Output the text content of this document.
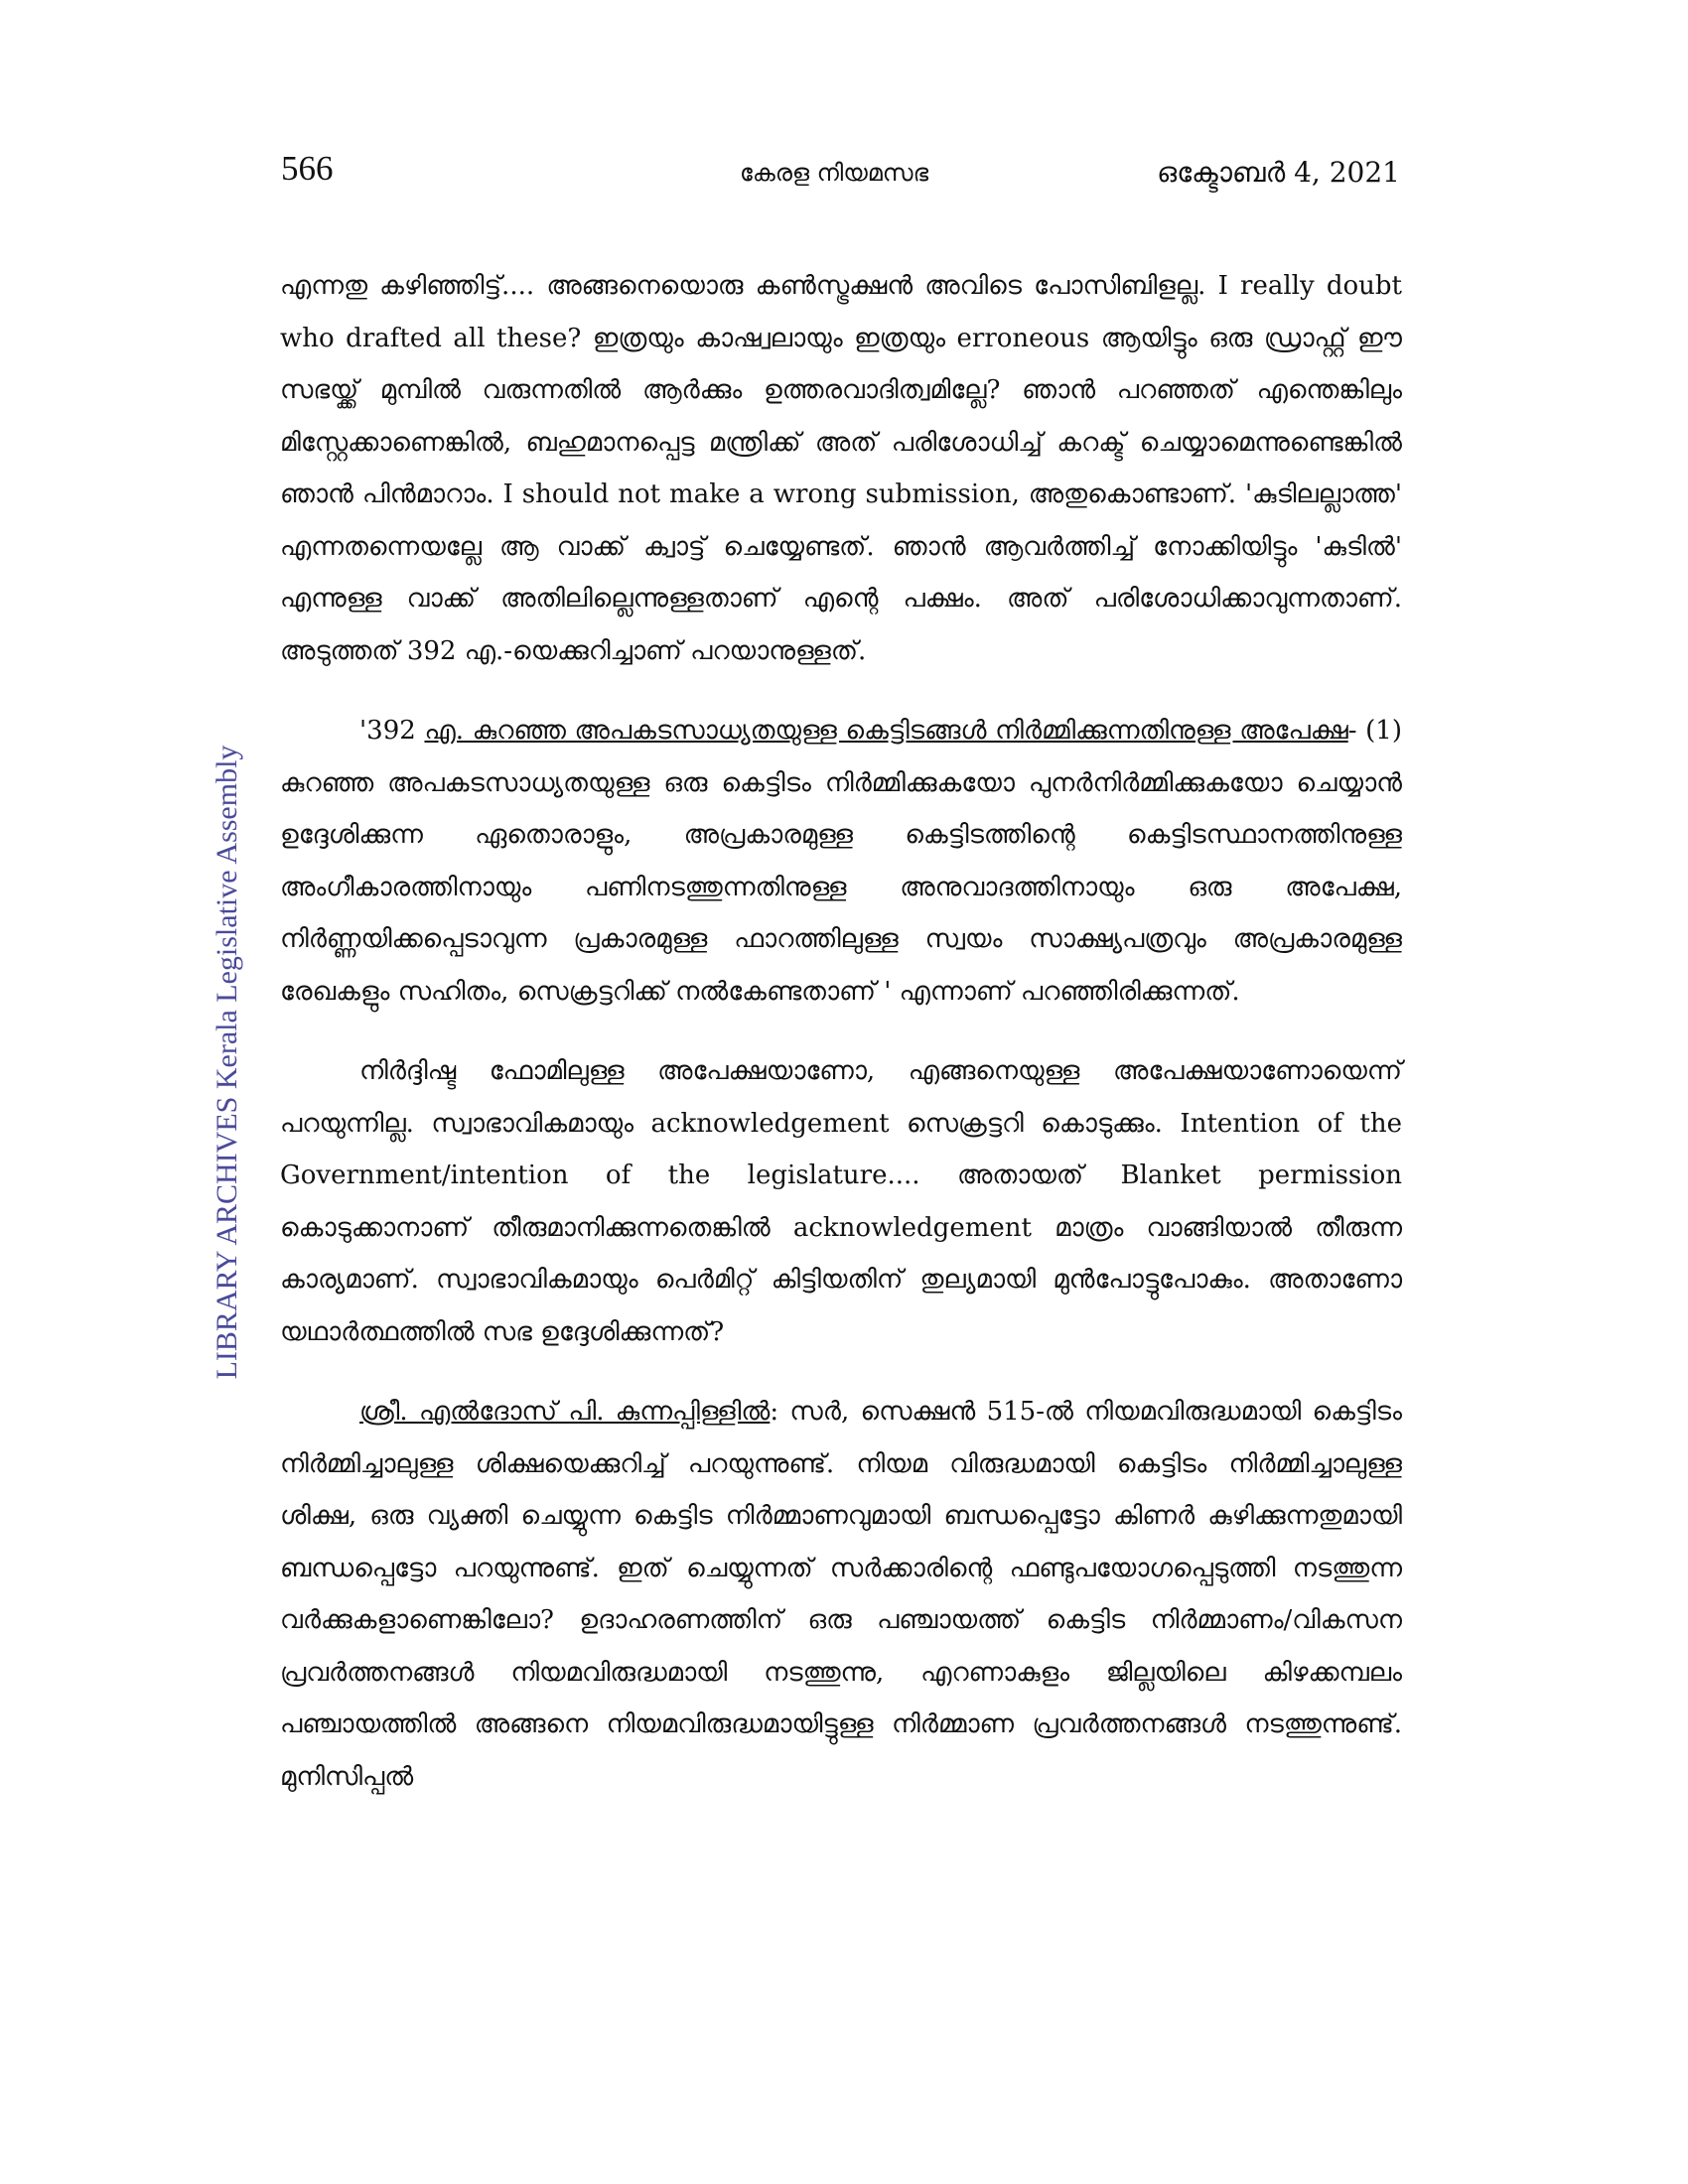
566	കേരള നിയമസഭ	ഒക്ടോബർ 4, 2021
LIBRARY ARCHIVES Kerala Legislative Assembly

എന്നതു കഴിഞ്ഞിട്ട്.... അങ്ങനെയൊരു കൺസ്ട്രക്ഷൻ അവിടെ പോസിബിളല്ല. I really doubt who drafted all these? ഇത്രയും കാഷ്വലായും ഇത്രയും erroneous ആയിട്ടും ഒരു ഡ്രാഫ്റ്റ് ഈ സഭയ്ക്ക് മുമ്പിൽ വരുന്നതിൽ ആർക്കും ഉത്തരവാദിത്വമില്ലേ? ഞാൻ പറഞ്ഞത് എന്തെങ്കിലും മിസ്റ്റേക്കാണെങ്കിൽ, ബഹുമാനപ്പെട്ട മന്ത്രിക്ക് അത് പരിശോധിച്ച് കറക്ട് ചെയ്യാമെന്നുണ്ടെങ്കിൽ ഞാൻ പിൻമാറാം. I should not make a wrong submission, അതുകൊണ്ടാണ്. 'കുടിലല്ലാത്ത' എന്നതന്നെയല്ലേ ആ വാക്ക് ക്വാട്ട് ചെയ്യേണ്ടത്. ഞാൻ ആവർത്തിച്ച് നോക്കിയിട്ടും 'കുടിൽ' എന്നുള്ള വാക്ക് അതിലില്ലെന്നുള്ളതാണ് എന്റെ പക്ഷം. അത് പരിശോധിക്കാവുന്നതാണ്. അടുത്തത് 392 എ.-യെക്കുറിച്ചാണ് പറയാനുള്ളത്.

'392 എ. കുറഞ്ഞ അപകടസാധ്യതയുള്ള കെട്ടിടങ്ങൾ നിർമ്മിക്കുന്നതിനുള്ള അപേക്ഷ- (1) കുറഞ്ഞ അപകടസാധ്യതയുള്ള ഒരു കെട്ടിടം നിർമ്മിക്കുകയോ പുനർനിർമ്മിക്കുകയോ ചെയ്യാൻ ഉദ്ദേശിക്കുന്ന ഏതൊരാളും, അപ്രകാരമുള്ള കെട്ടിടത്തിന്റെ കെട്ടിടസ്ഥാനത്തിനുള്ള അംഗീകാരത്തിനായും പണിനടത്തുന്നതിനുള്ള അനുവാദത്തിനായും ഒരു അപേക്ഷ, നിർണ്ണയിക്കപ്പെടാവുന്ന പ്രകാരമുള്ള ഫാറത്തിലുള്ള സ്വയം സാക്ഷ്യപത്രവും അപ്രകാരമുള്ള രേഖകളും സഹിതം, സെക്രട്ടറിക്ക് നൽകേണ്ടതാണ് ' എന്നാണ് പറഞ്ഞിരിക്കുന്നത്.

നിർദ്ദിഷ്ട ഫോമിലുള്ള അപേക്ഷയാണോ, എങ്ങനെയുള്ള അപേക്ഷയാണോയെന്ന് പറയുന്നില്ല. സ്വാഭാവികമായും acknowledgement സെക്രട്ടറി കൊടുക്കും. Intention of the Government/intention of the legislature.... അതായത് Blanket permission കൊടുക്കാനാണ് തീരുമാനിക്കുന്നതെങ്കിൽ acknowledgement മാത്രം വാങ്ങിയാൽ തീരുന്ന കാര്യമാണ്. സ്വാഭാവികമായും പെർമിറ്റ് കിട്ടിയതിന് തുല്യമായി മുൻപോട്ടുപോകും. അതാണോ യഥാർത്ഥത്തിൽ സഭ ഉദ്ദേശിക്കുന്നത്?

ശ്രീ. എൽദോസ് പി. കുന്നപ്പിള്ളിൽ: സർ, സെക്ഷൻ 515-ൽ നിയമവിരുദ്ധമായി കെട്ടിടം നിർമ്മിച്ചാലുള്ള ശിക്ഷയെക്കുറിച്ച് പറയുന്നുണ്ട്. നിയമ വിരുദ്ധമായി കെട്ടിടം നിർമ്മിച്ചാലുള്ള ശിക്ഷ, ഒരു വ്യക്തി ചെയ്യുന്ന കെട്ടിട നിർമ്മാണവുമായി ബന്ധപ്പെട്ടോ കിണർ കുഴിക്കുന്നതുമായി ബന്ധപ്പെട്ടോ പറയുന്നുണ്ട്. ഇത് ചെയ്യുന്നത് സർക്കാരിന്റെ ഫണ്ടുപയോഗപ്പെടുത്തി നടത്തുന്ന വർക്കുകളാണെങ്കിലോ? ഉദാഹരണത്തിന് ഒരു പഞ്ചായത്ത് കെട്ടിട നിർമ്മാണം/വികസന പ്രവർത്തനങ്ങൾ നിയമവിരുദ്ധമായി നടത്തുന്നു, എറണാകുളം ജില്ലയിലെ കിഴക്കമ്പലം പഞ്ചായത്തിൽ അങ്ങനെ നിയമവിരുദ്ധമായിട്ടുള്ള നിർമ്മാണ പ്രവർത്തനങ്ങൾ നടത്തുന്നുണ്ട്. മുനിസിപ്പൽ
